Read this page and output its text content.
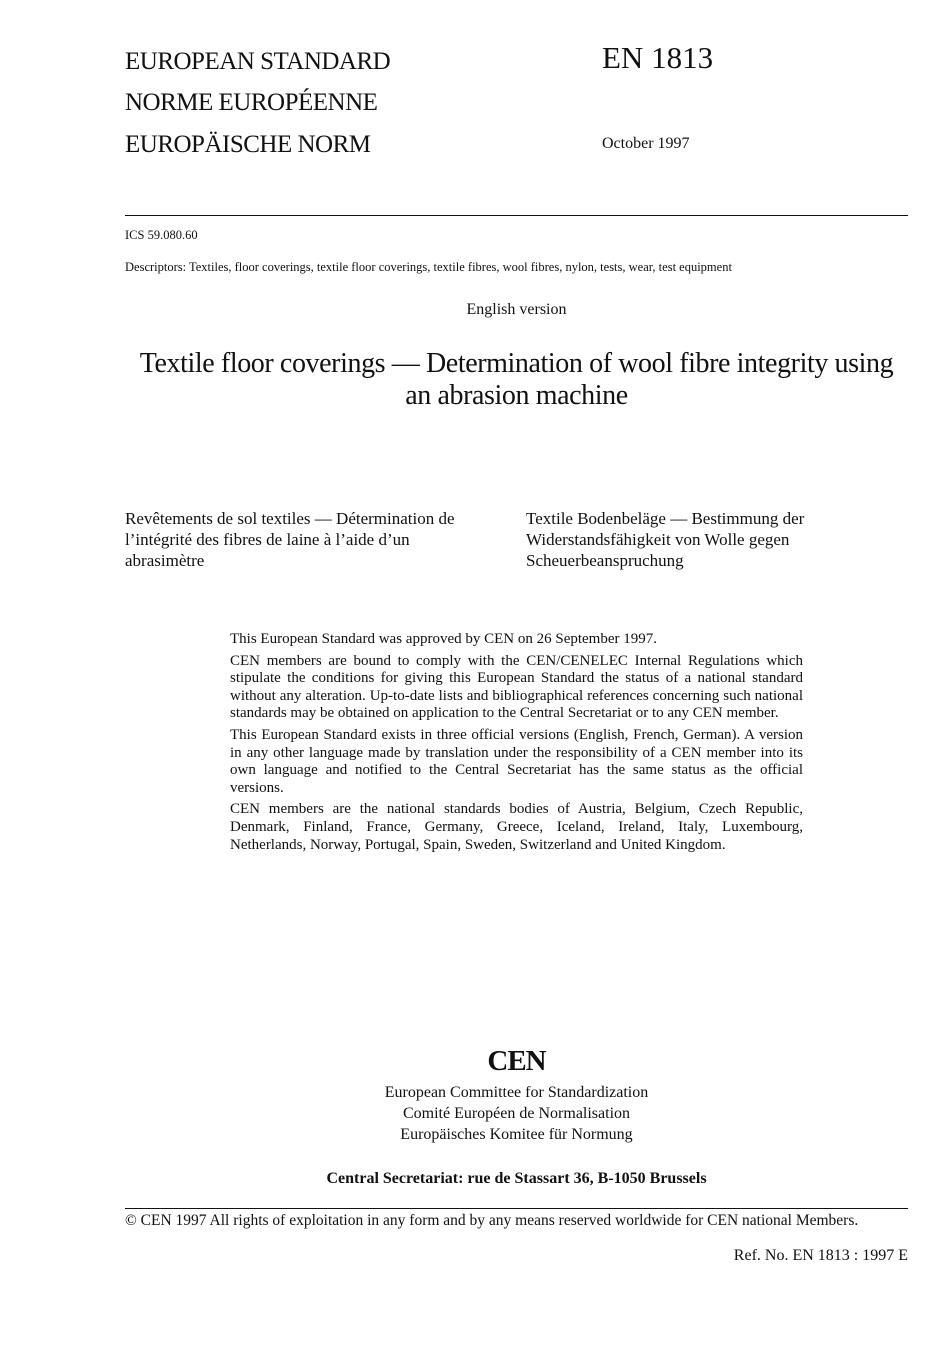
EUROPEAN STANDARD
NORME EUROPÉENNE
EUROPÄISCHE NORM
EN 1813
October 1997
ICS 59.080.60
Descriptors: Textiles, floor coverings, textile floor coverings, textile fibres, wool fibres, nylon, tests, wear, test equipment
English version
Textile floor coverings — Determination of wool fibre integrity using
an abrasion machine
Revêtements de sol textiles — Détermination de l’intégrité des fibres de laine à l’aide d’un abrasimètre
Textile Bodenbeläge — Bestimmung der Widerstandsfähigkeit von Wolle gegen Scheuerbeanspruchung

This European Standard was approved by CEN on 26 September 1997.

CEN members are bound to comply with the CEN/CENELEC Internal Regulations which stipulate the conditions for giving this European Standard the status of a national standard without any alteration. Up-to-date lists and bibliographical references concerning such national standards may be obtained on application to the Central Secretariat or to any CEN member.

This European Standard exists in three official versions (English, French, German). A version in any other language made by translation under the responsibility of a CEN member into its own language and notified to the Central Secretariat has the same status as the official versions.

CEN members are the national standards bodies of Austria, Belgium, Czech Republic, Denmark, Finland, France, Germany, Greece, Iceland, Ireland, Italy, Luxembourg, Netherlands, Norway, Portugal, Spain, Sweden, Switzerland and United Kingdom.

CEN
European Committee for Standardization
Comité Européen de Normalisation
Europäisches Komitee für Normung
Central Secretariat: rue de Stassart 36, B-1050 Brussels
© CEN 1997 All rights of exploitation in any form and by any means reserved worldwide for CEN national Members.
Ref. No. EN 1813 : 1997 E
